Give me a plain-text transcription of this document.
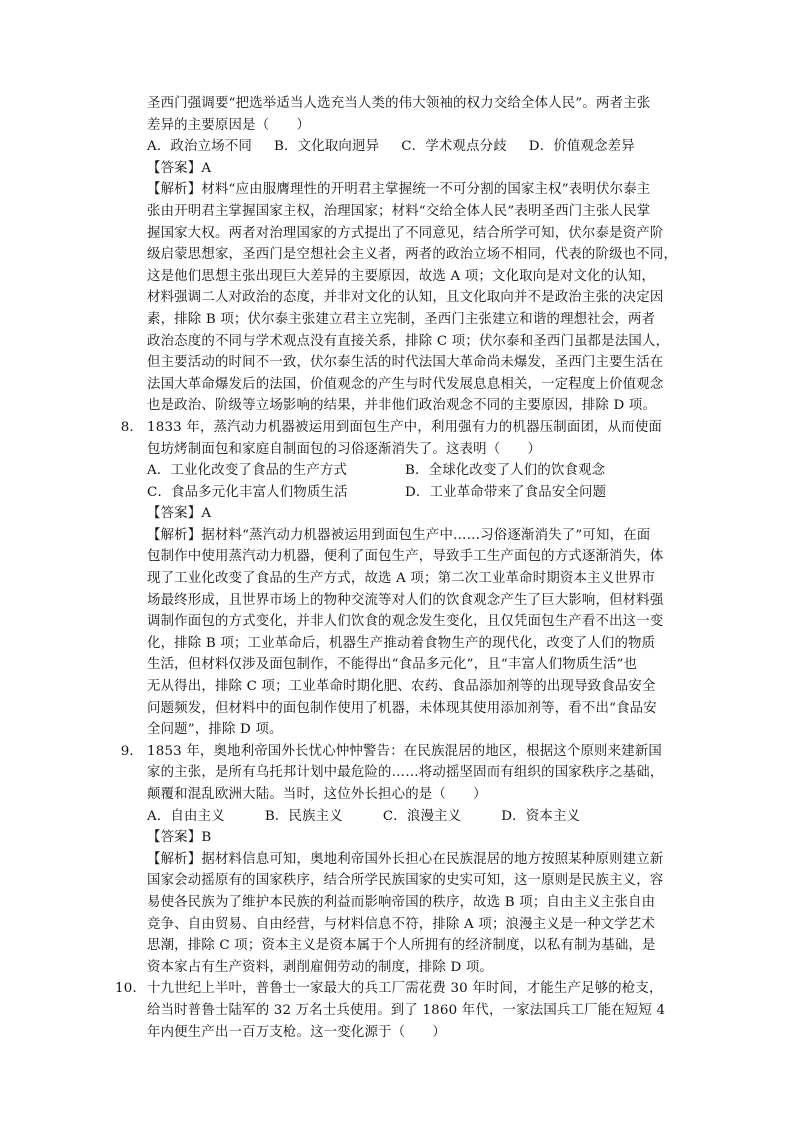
圣西门强调要“把选举适当人选充当人类的伟大领袖的权力交给全体人民”。两者主张
差异的主要原因是（　　）
A．政治立场不同 B．文化取向迥异 C．学术观点分歧 D．价值观念差异
【答案】A
【解析】材料“应由服膺理性的开明君主掌握统一不可分割的国家主权”表明伏尔泰主
张由开明君主掌握国家主权，治理国家；材料“交给全体人民”表明圣西门主张人民掌
握国家大权。两者对治理国家的方式提出了不同意见，结合所学可知，伏尔泰是资产阶
级启蒙思想家，圣西门是空想社会主义者，两者的政治立场不相同，代表的阶级也不同，
这是他们思想主张出现巨大差异的主要原因，故选 A 项；文化取向是对文化的认知，
材料强调二人对政治的态度，并非对文化的认知，且文化取向并不是政治主张的决定因
素，排除 B 项；伏尔泰主张建立君主立宪制，圣西门主张建立和谐的理想社会，两者
政治态度的不同与学术观点没有直接关系，排除 C 项；伏尔泰和圣西门虽都是法国人，
但主要活动的时间不一致，伏尔泰生活的时代法国大革命尚未爆发，圣西门主要生活在
法国大革命爆发后的法国，价值观念的产生与时代发展息息相关，一定程度上价值观念
也是政治、阶级等立场影响的结果，并非他们政治观念不同的主要原因，排除 D 项。
8． 1833 年，蒸汽动力机器被运用到面包生产中，利用强有力的机器压制面团，从而使面
包坊烤制面包和家庭自制面包的习俗逐渐消失了。这表明（　　）
A．工业化改变了食品的生产方式	B．全球化改变了人们的饮食观念
C．食品多元化丰富人们物质生活	D．工业革命带来了食品安全问题
【答案】A
【解析】据材料“蒸汽动力机器被运用到面包生产中……习俗逐渐消失了”可知，在面
包制作中使用蒸汽动力机器，便利了面包生产，导致手工生产面包的方式逐渐消失，体
现了工业化改变了食品的生产方式，故选 A 项；第二次工业革命时期资本主义世界市
场最终形成，且世界市场上的物种交流等对人们的饮食观念产生了巨大影响，但材料强
调制作面包的方式变化，并非人们饮食的观念发生变化，且仅凭面包生产看不出这一变
化，排除 B 项；工业革命后，机器生产推动着食物生产的现代化，改变了人们的物质
生活，但材料仅涉及面包制作，不能得出“食品多元化”，且“丰富人们物质生活”也
无从得出，排除 C 项；工业革命时期化肥、农药、食品添加剂等的出现导致食品安全
问题频发，但材料中的面包制作使用了机器，未体现其使用添加剂等，看不出“食品安
全问题”，排除 D 项。
9． 1853 年，奥地利帝国外长忧心忡忡警告：在民族混居的地区，根据这个原则来建新国
家的主张，是所有乌托邦计划中最危险的……将动摇坚固而有组织的国家秩序之基础，
颠覆和混乱欧洲大陆。当时，这位外长担心的是（　　）
A．自由主义	B．民族主义	C．浪漫主义	D．资本主义
【答案】B
【解析】据材料信息可知，奥地利帝国外长担心在民族混居的地方按照某种原则建立新
国家会动摇原有的国家秩序，结合所学民族国家的史实可知，这一原则是民族主义，容
易使各民族为了维护本民族的利益而影响帝国的秩序，故选 B 项；自由主义主张自由
竞争、自由贸易、自由经营，与材料信息不符，排除 A 项；浪漫主义是一种文学艺术
思潮，排除 C 项；资本主义是资本属于个人所拥有的经济制度，以私有制为基础，是
资本家占有生产资料，剥削雇佣劳动的制度，排除 D 项。
10． 十九世纪上半叶，普鲁士一家最大的兵工厂需花费 30 年时间，才能生产足够的枪支，
给当时普鲁士陆军的 32 万名士兵使用。到了 1860 年代，一家法国兵工厂能在短短 4
年内便生产出一百万支枪。这一变化源于（　　）
